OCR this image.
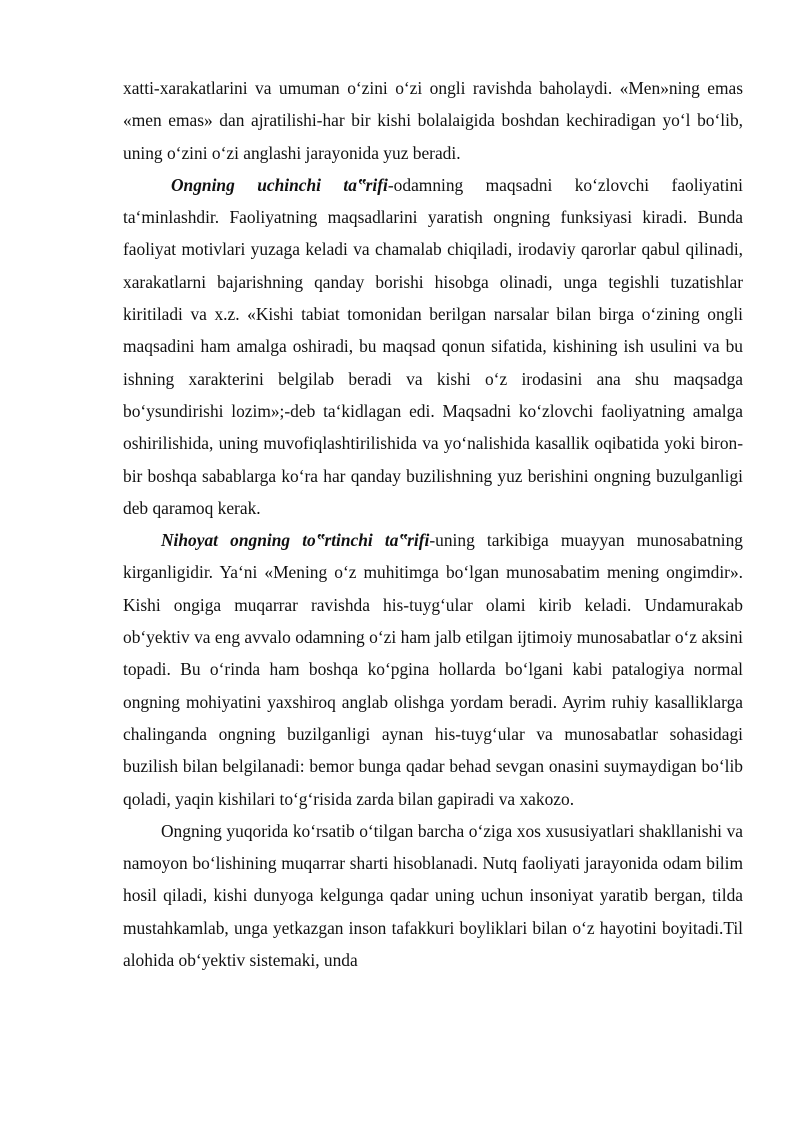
xatti-xarakatlarini va umuman o‘zini o‘zi ongli ravishda baholaydi. «Men»ning emas «men emas» dan ajratilishi-har bir kishi bolalaigida boshdan kechiradigan yo‘l bo‘lib, uning o‘zini o‘zi anglashi jarayonida yuz beradi.

Ongning uchinchi ta‟rifi-odamning maqsadni ko‘zlovchi faoliyatini ta‘minlashdir. Faoliyatning maqsadlarini yaratish ongning funksiyasi kiradi. Bunda faoliyat motivlari yuzaga keladi va chamalab chiqiladi, irodaviy qarorlar qabul qilinadi, xarakatlarni bajarishning qanday borishi hisobga olinadi, unga tegishli tuzatishlar kiritiladi va x.z. «Kishi tabiat tomonidan berilgan narsalar bilan birga o‘zining ongli maqsadini ham amalga oshiradi, bu maqsad qonun sifatida, kishining ish usulini va bu ishning xarakterini belgilab beradi va kishi o‘z irodasini ana shu maqsadga bo‘ysundirishi lozim»;-deb ta‘kidlagan edi. Maqsadni ko‘zlovchi faoliyatning amalga oshirilishida, uning muvofiqlashtirilishida va yo‘nalishida kasallik oqibatida yoki biron-bir boshqa sabablarga ko‘ra har qanday buzilishning yuz berishini ongning buzulganligi deb qaramoq kerak.

Nihoyat ongning to‟rtinchi ta‟rifi-uning tarkibiga muayyan munosabatning kirganligidir. Ya‘ni «Mening o‘z muhitimga bo‘lgan munosabatim mening ongimdir». Kishi ongiga muqarrar ravishda his-tuyg‘ular olami kirib keladi. Undamurakab ob‘yektiv va eng avvalo odamning o‘zi ham jalb etilgan ijtimoiy munosabatlar o‘z aksini topadi. Bu o‘rinda ham boshqa ko‘pgina hollarda bo‘lgani kabi patalogiya normal ongning mohiyatini yaxshiroq anglab olishga yordam beradi. Ayrim ruhiy kasalliklarga chalinganda ongning buzilganligi aynan his-tuyg‘ular va munosabatlar sohasidagi buzilish bilan belgilanadi: bemor bunga qadar behad sevgan onasini suymaydigan bo‘lib qoladi, yaqin kishilari to‘g‘risida zarda bilan gapiradi va xakozo.

Ongning yuqorida ko‘rsatib o‘tilgan barcha o‘ziga xos xususiyatlari shakllanishi va namoyon bo‘lishining muqarrar sharti hisoblanadi. Nutq faoliyati jarayonida odam bilim hosil qiladi, kishi dunyoga kelgunga qadar uning uchun insoniyat yaratib bergan, tilda mustahkamlab, unga yetkazgan inson tafakkuri boyliklari bilan o‘z hayotini boyitadi.Til alohida ob‘yektiv sistemaki, unda
